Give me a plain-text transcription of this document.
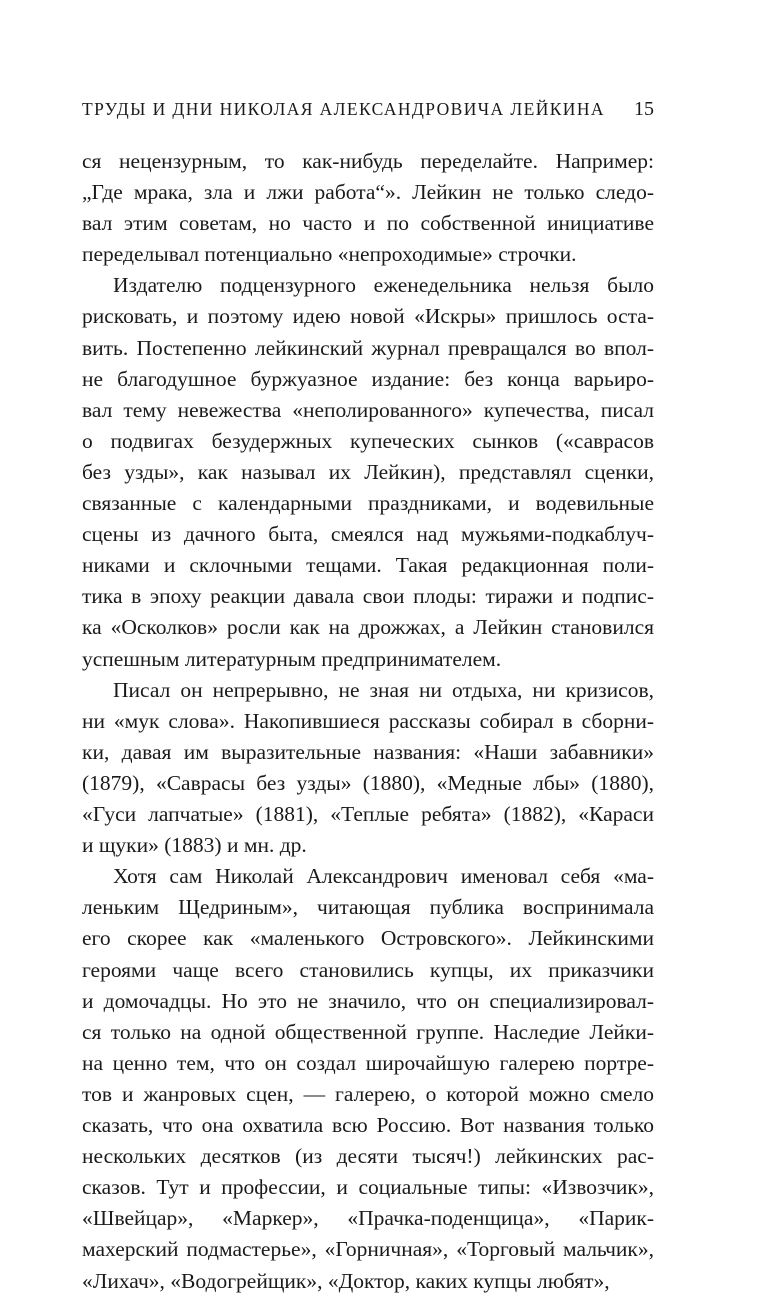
ТРУДЫ И ДНИ НИКОЛАЯ АЛЕКСАНДРОВИЧА ЛЕЙКИНА 15
ся нецензурным, то как-нибудь переделайте. Например:
„Где мрака, зла и лжи работа“». Лейкин не только следо-
вал этим советам, но часто и по собственной инициативе
переделывал потенциально «непроходимые» строчки.
Издателю подцензурного еженедельника нельзя было
рисковать, и поэтому идею новой «Искры» пришлось оста-
вить. Постепенно лейкинский журнал превращался во впол-
не благодушное буржуазное издание: без конца варьиро-
вал тему невежества «неполированного» купечества, писал
о подвигах безудержных купеческих сынков («саврасов
без узды», как называл их Лейкин), представлял сценки,
связанные с календарными праздниками, и водевильные
сцены из дачного быта, смеялся над мужьями-подкаблуч-
никами и склочными тещами. Такая редакционная поли-
тика в эпоху реакции давала свои плоды: тиражи и подпис-
ка «Осколков» росли как на дрожжах, а Лейкин становился
успешным литературным предпринимателем.
Писал он непрерывно, не зная ни отдыха, ни кризисов,
ни «мук слова». Накопившиеся рассказы собирал в сборни-
ки, давая им выразительные названия: «Наши забавники»
(1879), «Саврасы без узды» (1880), «Медные лбы» (1880),
«Гуси лапчатые» (1881), «Теплые ребята» (1882), «Караси
и щуки» (1883) и мн. др.
Хотя сам Николай Александрович именовал себя «ма-
леньким Щедриным», читающая публика воспринимала
его скорее как «маленького Островского». Лейкинскими
героями чаще всего становились купцы, их приказчики
и домочадцы. Но это не значило, что он специализировал-
ся только на одной общественной группе. Наследие Лейки-
на ценно тем, что он создал широчайшую галерею портре-
тов и жанровых сцен, — галерею, о которой можно смело
сказать, что она охватила всю Россию. Вот названия только
нескольких десятков (из десяти тысяч!) лейкинских рас-
сказов. Тут и профессии, и социальные типы: «Извозчик»,
«Швейцар», «Маркер», «Прачка-поденщица», «Парик-
махерский подмастерье», «Горничная», «Торговый мальчик»,
«Лихач», «Водогрейщик», «Доктор, каких купцы любят»,
